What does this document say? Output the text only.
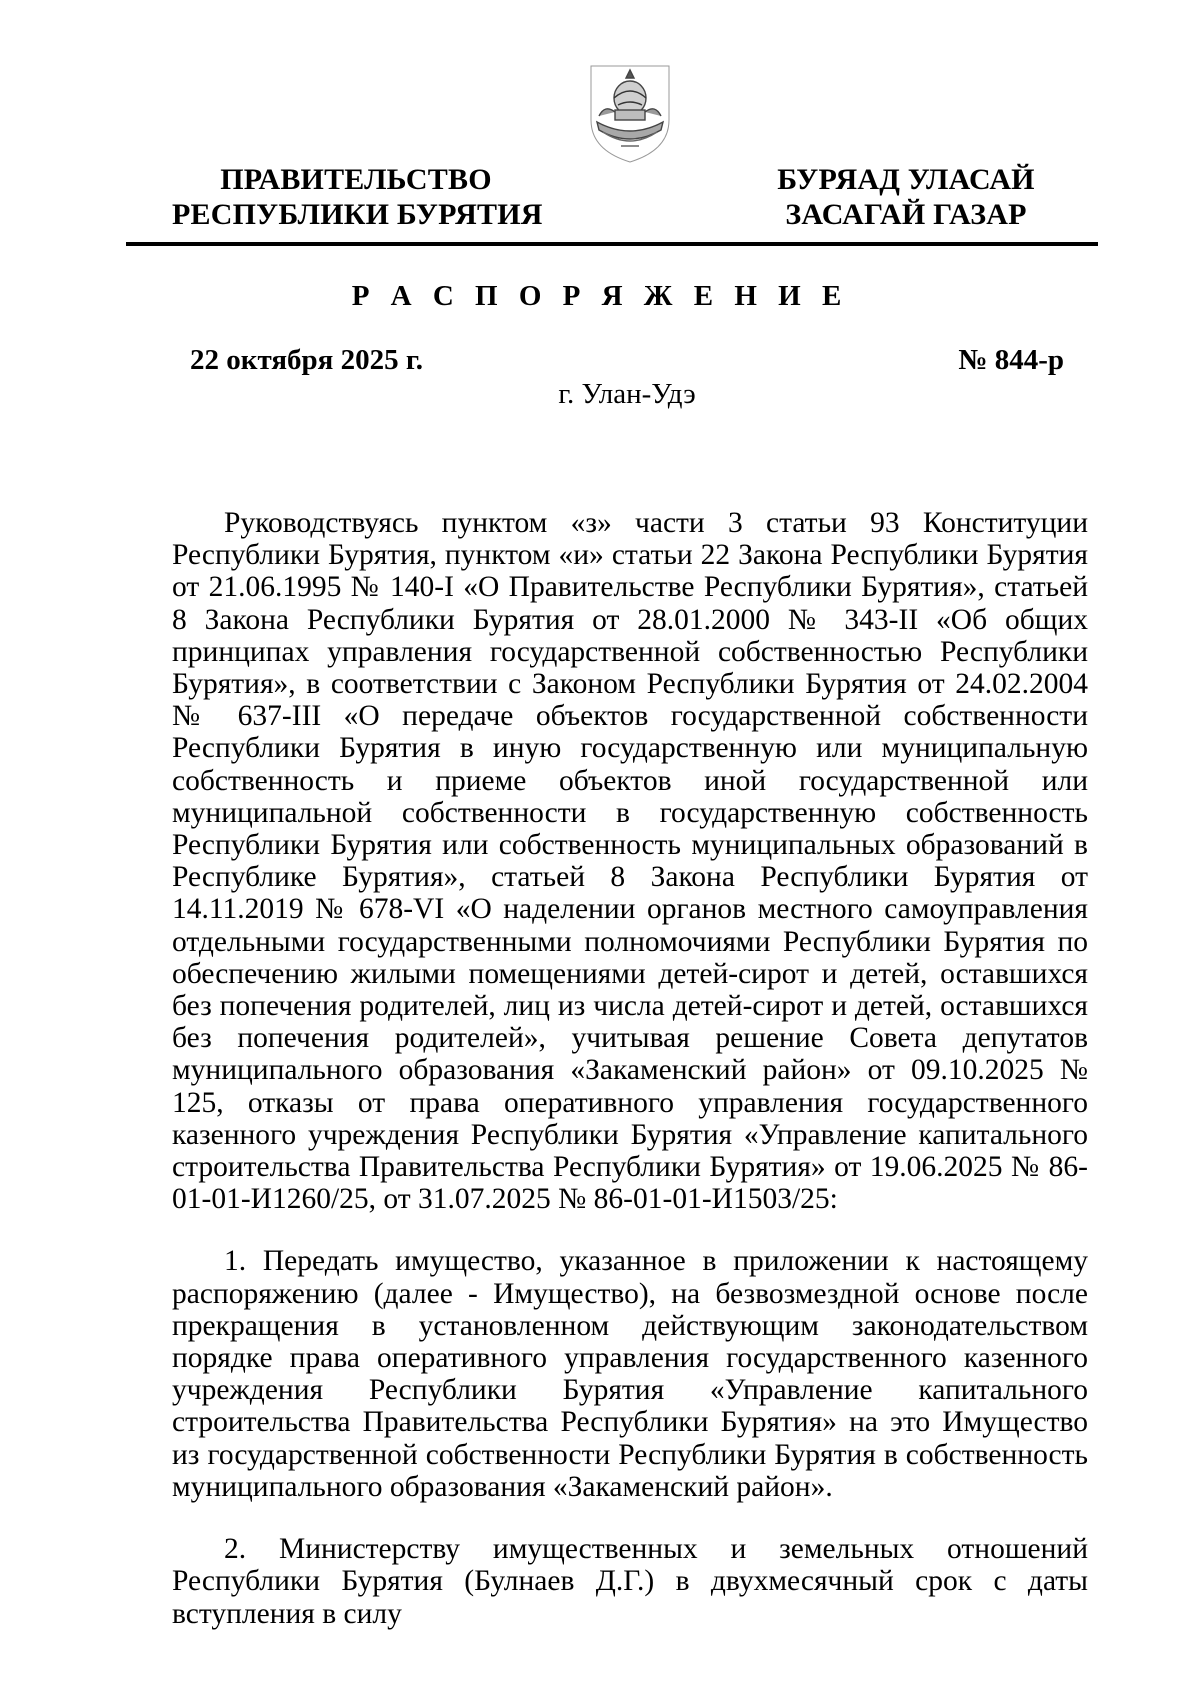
ПРАВИТЕЛЬСТВО
РЕСПУБЛИКИ БУРЯТИЯ
БУРЯАД УЛАСАЙ
ЗАСАГАЙ ГАЗАР
Р А С П О Р Я Ж Е Н И Е
22 октября 2025 г.	№ 844-р
г. Улан-Удэ

Руководствуясь пунктом «з» части 3 статьи 93 Конституции Республики Бурятия, пунктом «и» статьи 22 Закона Республики Бурятия от 21.06.1995 № 140-I «О Правительстве Республики Бурятия», статьей 8 Закона Республики Бурятия от 28.01.2000 № 343-II «Об общих принципах управления государственной собственностью Республики Бурятия», в соответствии с Законом Республики Бурятия от 24.02.2004 № 637-III «О передаче объектов государственной собственности Республики Бурятия в иную государственную или муниципальную собственность и приеме объектов иной государственной или муниципальной собственности в государственную собственность Республики Бурятия или собственность муниципальных образований в Республике Бурятия», статьей 8 Закона Республики Бурятия от 14.11.2019 № 678-VI «О наделении органов местного самоуправления отдельными государственными полномочиями Республики Бурятия по обеспечению жилыми помещениями детей-сирот и детей, оставшихся без попечения родителей, лиц из числа детей-сирот и детей, оставшихся без попечения родителей», учитывая решение Совета депутатов муниципального образования «Закаменский район» от 09.10.2025 № 125, отказы от права оперативного управления государственного казенного учреждения Республики Бурятия «Управление капитального строительства Правительства Республики Бурятия» от 19.06.2025 № 86-01-01-И1260/25, от 31.07.2025 № 86-01-01-И1503/25:

1. Передать имущество, указанное в приложении к настоящему распоряжению (далее - Имущество), на безвозмездной основе после прекращения в установленном действующим законодательством порядке права оперативного управления государственного казенного учреждения Республики Бурятия «Управление капитального строительства Правительства Республики Бурятия» на это Имущество из государственной собственности Республики Бурятия в собственность муниципального образования «Закаменский район».

2. Министерству имущественных и земельных отношений Республики Бурятия (Булнаев Д.Г.) в двухмесячный срок с даты вступления в силу
